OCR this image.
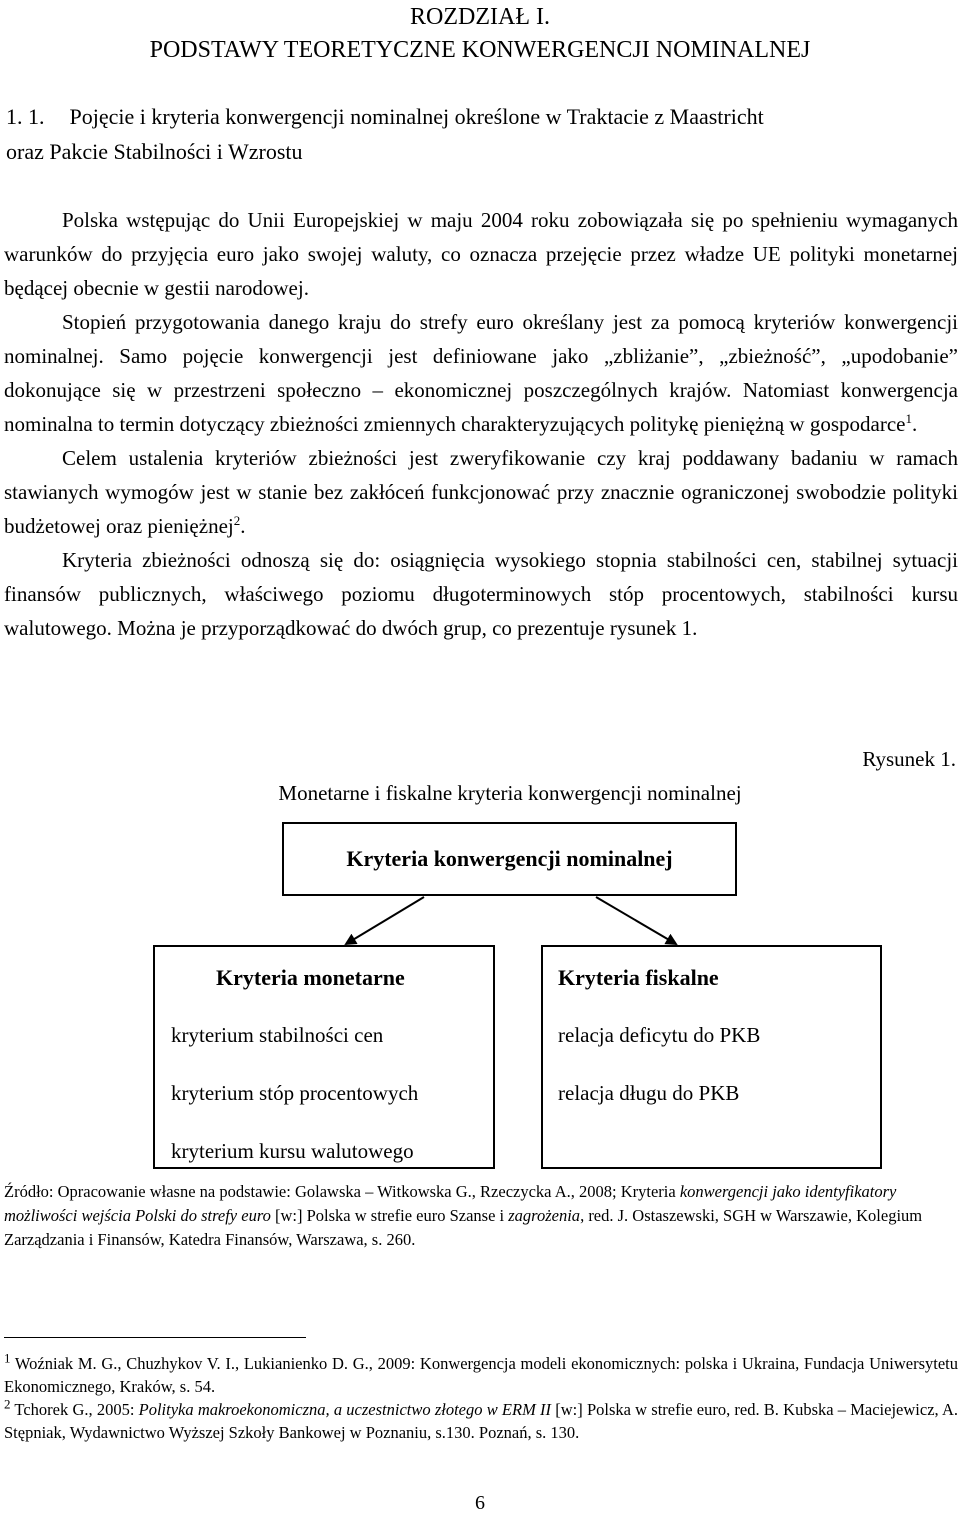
ROZDZIAŁ I.
PODSTAWY TEORETYCZNE KONWERGENCJI NOMINALNEJ
1. 1. Pojęcie i kryteria konwergencji nominalnej określone w Traktacie z Maastricht
oraz Pakcie Stabilności i Wzrostu

Polska wstępując do Unii Europejskiej w maju 2004 roku zobowiązała się po spełnieniu wymaganych warunków do przyjęcia euro jako swojej waluty, co oznacza przejęcie przez władze UE polityki monetarnej będącej obecnie w gestii narodowej.

Stopień przygotowania danego kraju do strefy euro określany jest za pomocą kryteriów konwergencji nominalnej. Samo pojęcie konwergencji jest definiowane jako „zbliżanie”, „zbieżność”, „upodobanie” dokonujące się w przestrzeni społeczno – ekonomicznej poszczególnych krajów. Natomiast konwergencja nominalna to termin dotyczący zbieżności zmiennych charakteryzujących politykę pieniężną w gospodarce$^1$.

Celem ustalenia kryteriów zbieżności jest zweryfikowanie czy kraj poddawany badaniu w ramach stawianych wymogów jest w stanie bez zakłóceń funkcjonować przy znacznie ograniczonej swobodzie polityki budżetowej oraz pieniężnej$^2$.

Kryteria zbieżności odnoszą się do: osiągnięcia wysokiego stopnia stabilności cen, stabilnej sytuacji finansów publicznych, właściwego poziomu długoterminowych stóp procentowych, stabilności kursu walutowego. Można je przyporządkować do dwóch grup, co prezentuje rysunek 1.

Rysunek 1.
Monetarne i fiskalne kryteria konwergencji nominalnej
Kryteria konwergencji nominalnej
Kryteria monetarne
kryterium stabilności cen
kryterium stóp procentowych
kryterium kursu walutowego
Kryteria fiskalne
relacja deficytu do PKB
relacja długu do PKB
Źródło: Opracowanie własne na podstawie: Golawska – Witkowska G., Rzeczycka A., 2008; Kryteria konwergencji jako identyfikatory możliwości wejścia Polski do strefy euro [w:] Polska w strefie euro Szanse i zagrożenia, red. J. Ostaszewski, SGH w Warszawie, Kolegium Zarządzania i Finansów, Katedra Finansów, Warszawa, s. 260.
$^1$ Woźniak M. G., Chuzhykov V. I., Lukianienko D. G., 2009: Konwergencja modeli ekonomicznych: polska i Ukraina, Fundacja Uniwersytetu Ekonomicznego, Kraków, s. 54.
$^2$ Tchorek G., 2005: Polityka makroekonomiczna, a uczestnictwo złotego w ERM II [w:] Polska w strefie euro, red. B. Kubska – Maciejewicz, A. Stępniak, Wydawnictwo Wyższej Szkoły Bankowej w Poznaniu, s.130. Poznań, s. 130.
6
